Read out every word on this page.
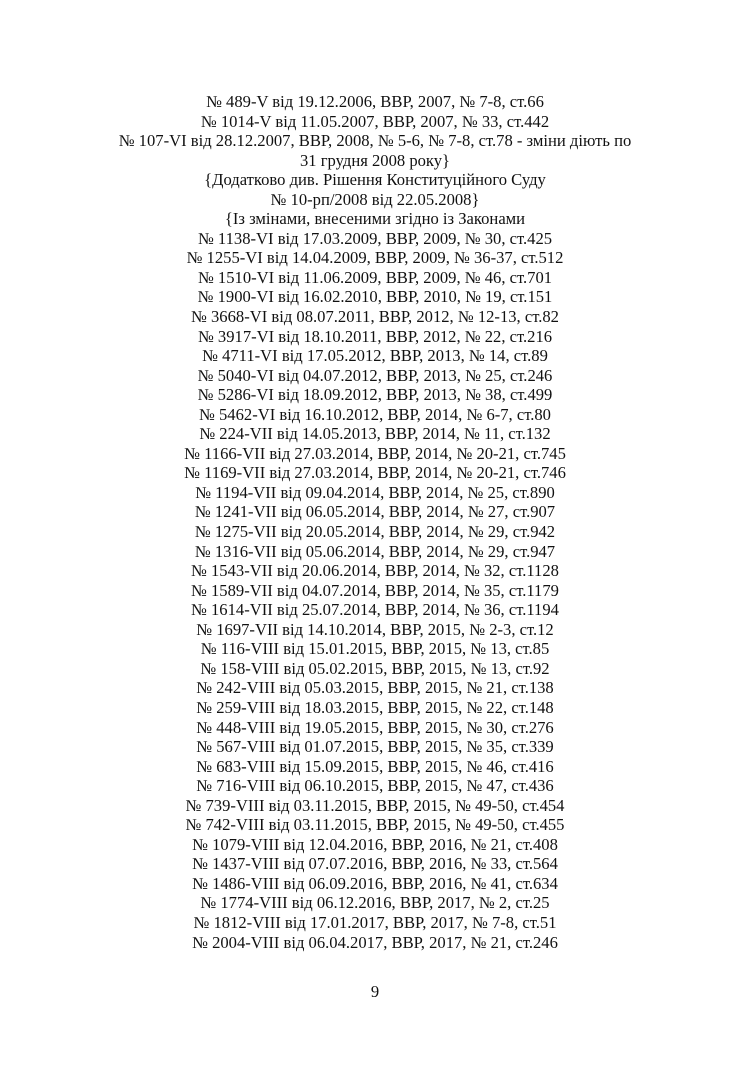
№ 489-V від 19.12.2006, ВВР, 2007, № 7-8, ст.66
№ 1014-V від 11.05.2007, ВВР, 2007, № 33, ст.442
№ 107-VI від 28.12.2007, ВВР, 2008, № 5-6, № 7-8, ст.78 - зміни діють по
31 грудня 2008 року}
{Додатково див. Рішення Конституційного Суду
№ 10-рп/2008 від 22.05.2008}
{Із змінами, внесеними згідно із Законами
№ 1138-VI від 17.03.2009, ВВР, 2009, № 30, ст.425
№ 1255-VI від 14.04.2009, ВВР, 2009, № 36-37, ст.512
№ 1510-VI від 11.06.2009, ВВР, 2009, № 46, ст.701
№ 1900-VI від 16.02.2010, ВВР, 2010, № 19, ст.151
№ 3668-VI від 08.07.2011, ВВР, 2012, № 12-13, ст.82
№ 3917-VI від 18.10.2011, ВВР, 2012, № 22, ст.216
№ 4711-VI від 17.05.2012, ВВР, 2013, № 14, ст.89
№ 5040-VI від 04.07.2012, ВВР, 2013, № 25, ст.246
№ 5286-VI від 18.09.2012, ВВР, 2013, № 38, ст.499
№ 5462-VI від 16.10.2012, ВВР, 2014, № 6-7, ст.80
№ 224-VII від 14.05.2013, ВВР, 2014, № 11, ст.132
№ 1166-VII від 27.03.2014, ВВР, 2014, № 20-21, ст.745
№ 1169-VII від 27.03.2014, ВВР, 2014, № 20-21, ст.746
№ 1194-VII від 09.04.2014, ВВР, 2014, № 25, ст.890
№ 1241-VII від 06.05.2014, ВВР, 2014, № 27, ст.907
№ 1275-VII від 20.05.2014, ВВР, 2014, № 29, ст.942
№ 1316-VII від 05.06.2014, ВВР, 2014, № 29, ст.947
№ 1543-VII від 20.06.2014, ВВР, 2014, № 32, ст.1128
№ 1589-VII від 04.07.2014, ВВР, 2014, № 35, ст.1179
№ 1614-VII від 25.07.2014, ВВР, 2014, № 36, ст.1194
№ 1697-VII від 14.10.2014, ВВР, 2015, № 2-3, ст.12
№ 116-VIII від 15.01.2015, ВВР, 2015, № 13, ст.85
№ 158-VIII від 05.02.2015, ВВР, 2015, № 13, ст.92
№ 242-VIII від 05.03.2015, ВВР, 2015, № 21, ст.138
№ 259-VIII від 18.03.2015, ВВР, 2015, № 22, ст.148
№ 448-VIII від 19.05.2015, ВВР, 2015, № 30, ст.276
№ 567-VIII від 01.07.2015, ВВР, 2015, № 35, ст.339
№ 683-VIII від 15.09.2015, ВВР, 2015, № 46, ст.416
№ 716-VIII від 06.10.2015, ВВР, 2015, № 47, ст.436
№ 739-VIII від 03.11.2015, ВВР, 2015, № 49-50, ст.454
№ 742-VIII від 03.11.2015, ВВР, 2015, № 49-50, ст.455
№ 1079-VIII від 12.04.2016, ВВР, 2016, № 21, ст.408
№ 1437-VIII від 07.07.2016, ВВР, 2016, № 33, ст.564
№ 1486-VIII від 06.09.2016, ВВР, 2016, № 41, ст.634
№ 1774-VIII від 06.12.2016, ВВР, 2017, № 2, ст.25
№ 1812-VIII від 17.01.2017, ВВР, 2017, № 7-8, ст.51
№ 2004-VIII від 06.04.2017, ВВР, 2017, № 21, ст.246
9
